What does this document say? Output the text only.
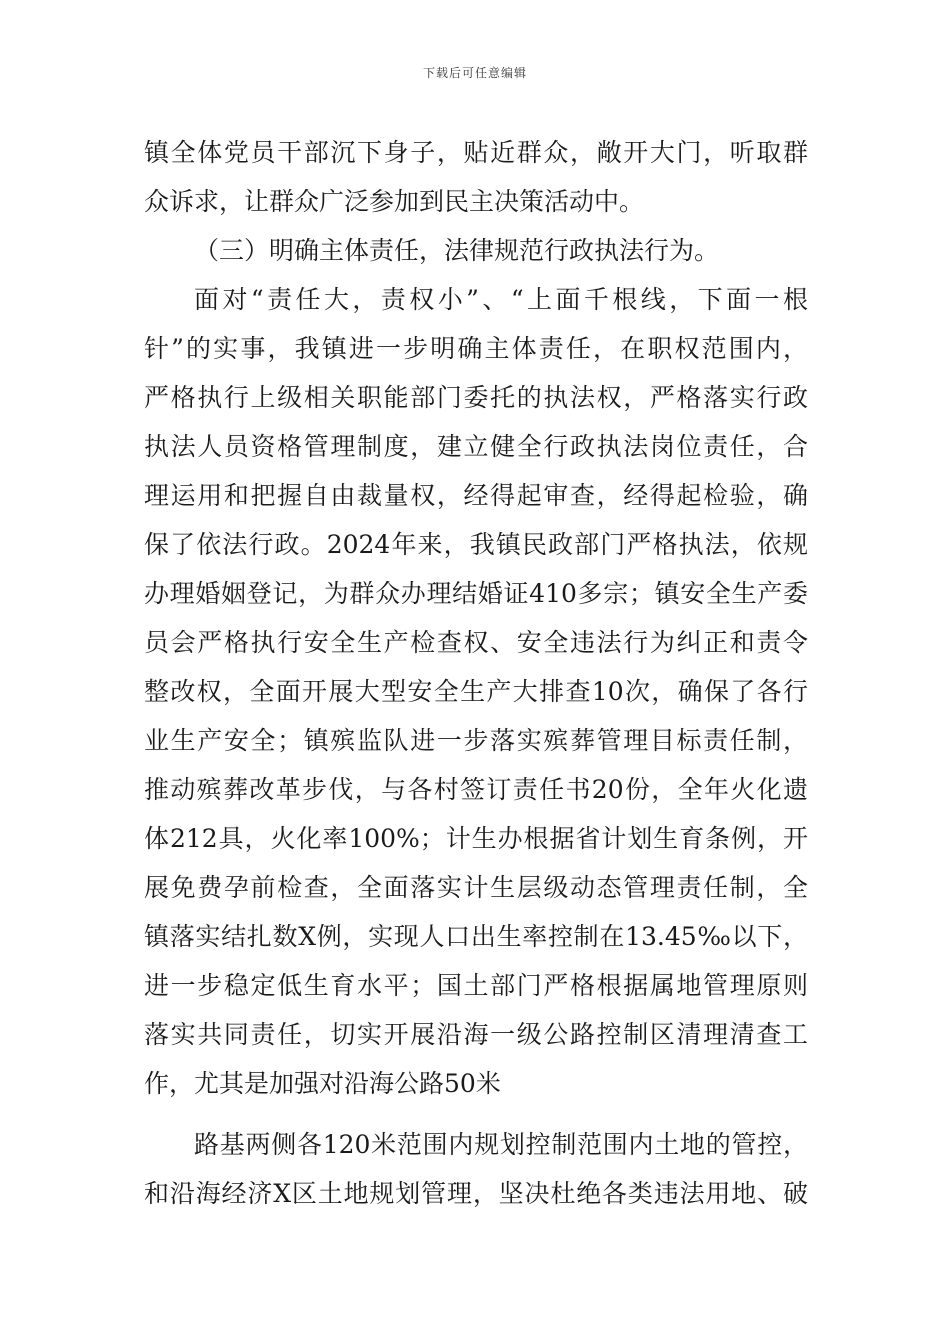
下载后可任意编辑
镇全体党员干部沉下身子，贴近群众，敞开大门，听取群
众诉求，让群众广泛参加到民主决策活动中。
（三）明确主体责任，法律规范行政执法行为。
面对“责任大，责权小”、“上面千根线，下面一根
针”的实事，我镇进一步明确主体责任，在职权范围内，
严格执行上级相关职能部门委托的执法权，严格落实行政
执法人员资格管理制度，建立健全行政执法岗位责任，合
理运用和把握自由裁量权，经得起审查，经得起检验，确
保了依法行政。2024年来，我镇民政部门严格执法，依规
办理婚姻登记，为群众办理结婚证410多宗；镇安全生产委
员会严格执行安全生产检查权、安全违法行为纠正和责令
整改权，全面开展大型安全生产大排查10次，确保了各行
业生产安全；镇殡监队进一步落实殡葬管理目标责任制，
推动殡葬改革步伐，与各村签订责任书20份，全年火化遗
体212具，火化率100%；计生办根据省计划生育条例，开
展免费孕前检查，全面落实计生层级动态管理责任制，全
镇落实结扎数X例，实现人口出生率控制在13.45‰以下，
进一步稳定低生育水平；国土部门严格根据属地管理原则
落实共同责任，切实开展沿海一级公路控制区清理清查工
作，尤其是加强对沿海公路50米
路基两侧各120米范围内规划控制范围内土地的管控，
和沿海经济X区土地规划管理，坚决杜绝各类违法用地、破
